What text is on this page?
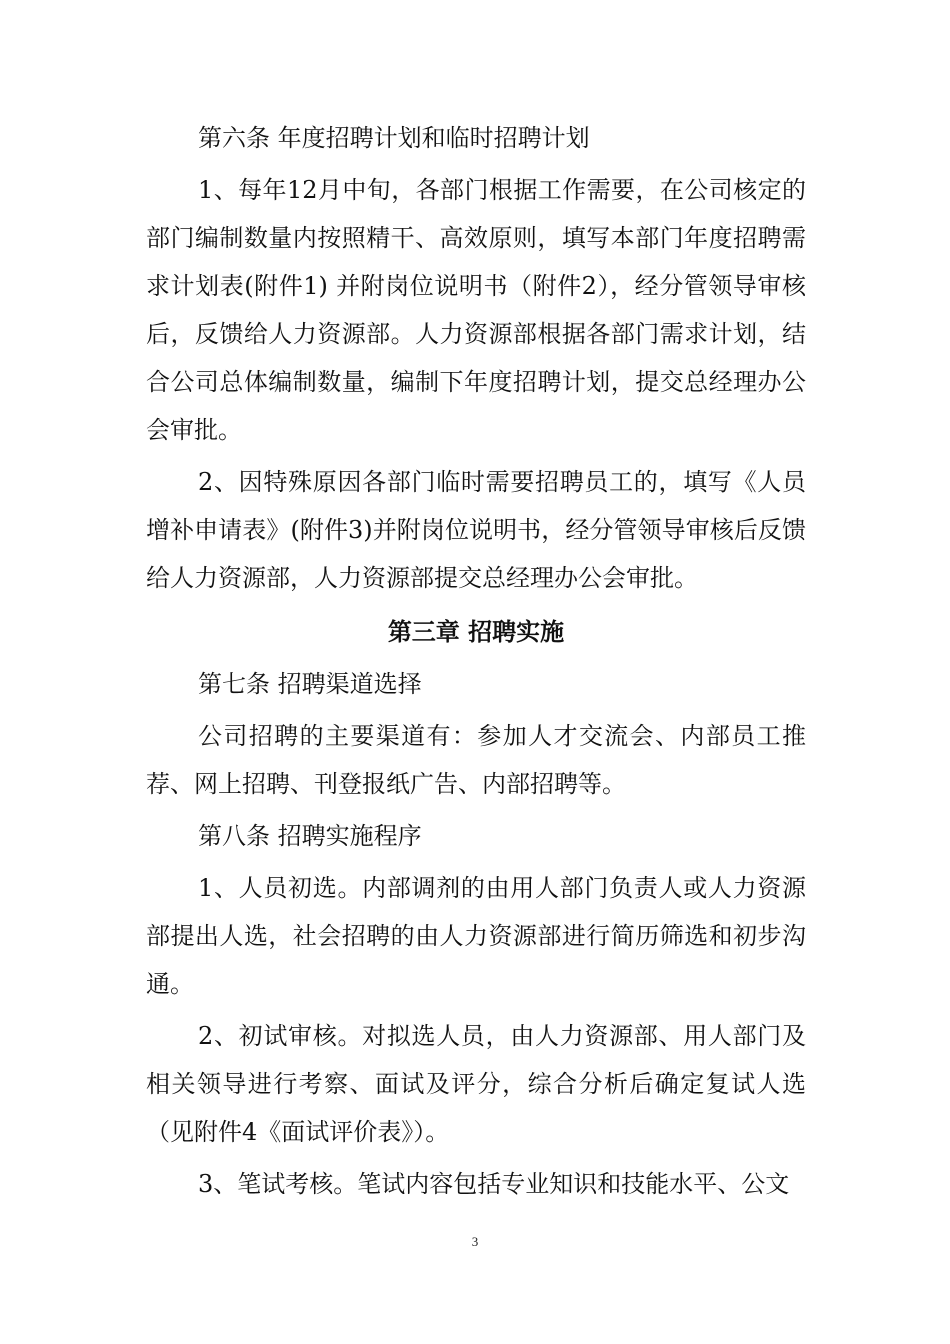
第六条 年度招聘计划和临时招聘计划

1、每年12月中旬，各部门根据工作需要，在公司核定的部门编制数量内按照精干、高效原则，填写本部门年度招聘需求计划表(附件1) 并附岗位说明书（附件2），经分管领导审核后，反馈给人力资源部。人力资源部根据各部门需求计划，结合公司总体编制数量，编制下年度招聘计划，提交总经理办公会审批。

2、因特殊原因各部门临时需要招聘员工的，填写《人员增补申请表》(附件3)并附岗位说明书，经分管领导审核后反馈给人力资源部，人力资源部提交总经理办公会审批。

第三章 招聘实施

第七条 招聘渠道选择

公司招聘的主要渠道有：参加人才交流会、内部员工推荐、网上招聘、刊登报纸广告、内部招聘等。

第八条 招聘实施程序

1、人员初选。内部调剂的由用人部门负责人或人力资源部提出人选，社会招聘的由人力资源部进行简历筛选和初步沟通。

2、初试审核。对拟选人员，由人力资源部、用人部门及相关领导进行考察、面试及评分，综合分析后确定复试人选（见附件4《面试评价表》）。

3、笔试考核。笔试内容包括专业知识和技能水平、公文

3
